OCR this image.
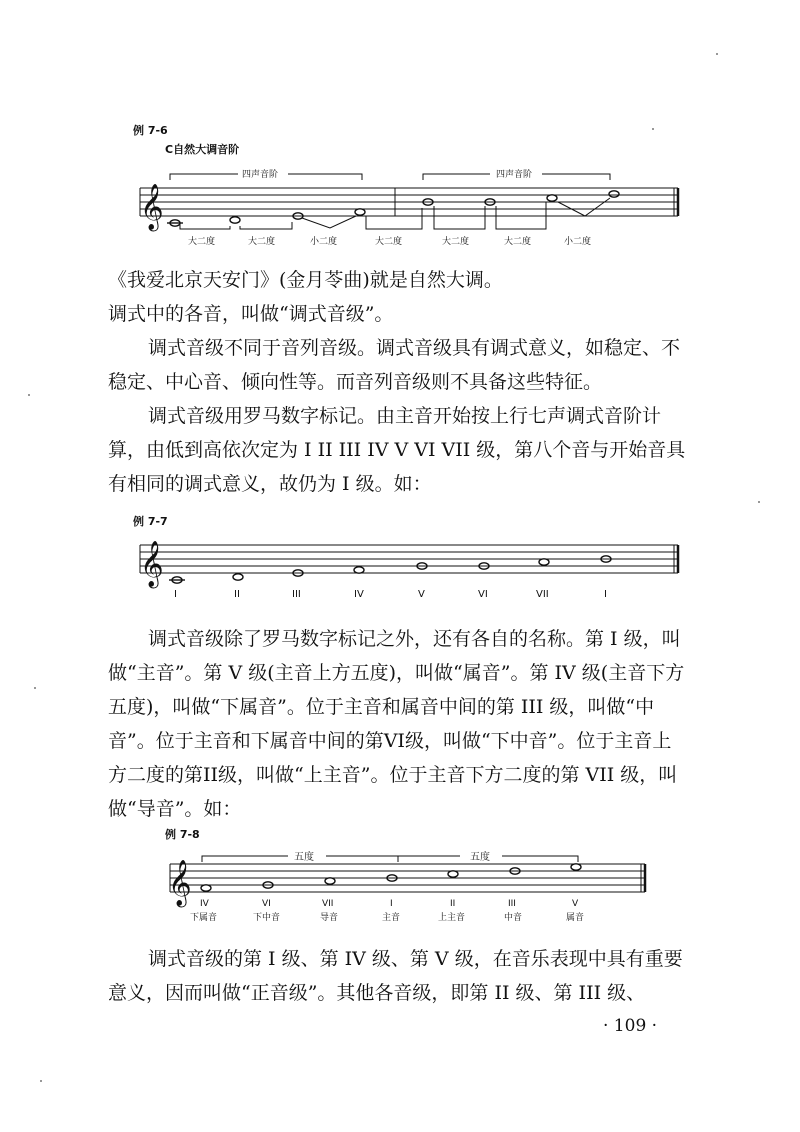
例 7-6
C自然大调音阶
𝄞
四声音阶	四声音阶
大二度	大二度	小二度	大二度	大二度	大二度	小二度

《我爱北京天安门》(金月苓曲)就是自然大调。

调式中的各音，叫做“调式音级”。

调式音级不同于音列音级。调式音级具有调式意义，如稳定、不稳定、中心音、倾向性等。而音列音级则不具备这些特征。

调式音级用罗马数字标记。由主音开始按上行七声调式音阶计算，由低到高依次定为 I II III IV V VI VII 级，第八个音与开始音具有相同的调式意义，故仍为 I 级。如：

例 7-7
𝄞
I	II	III	IV	V	VI	VII	I

调式音级除了罗马数字标记之外，还有各自的名称。第 I 级，叫做“主音”。第 V 级(主音上方五度)，叫做“属音”。第 IV 级(主音下方五度)，叫做“下属音”。位于主音和属音中间的第 III 级，叫做“中音”。位于主音和下属音中间的第VI级，叫做“下中音”。位于主音上方二度的第II级，叫做“上主音”。位于主音下方二度的第 VII 级，叫做“导音”。如：

例 7-8
五度	五度
𝄞 IV	VI	VII	I	II	III	V
下属音	下中音	导音	主音	上主音	中音	属音

调式音级的第 I 级、第 IV 级、第 V 级，在音乐表现中具有重要意义，因而叫做“正音级”。其他各音级，即第 II 级、第 III 级、

· 109 ·
